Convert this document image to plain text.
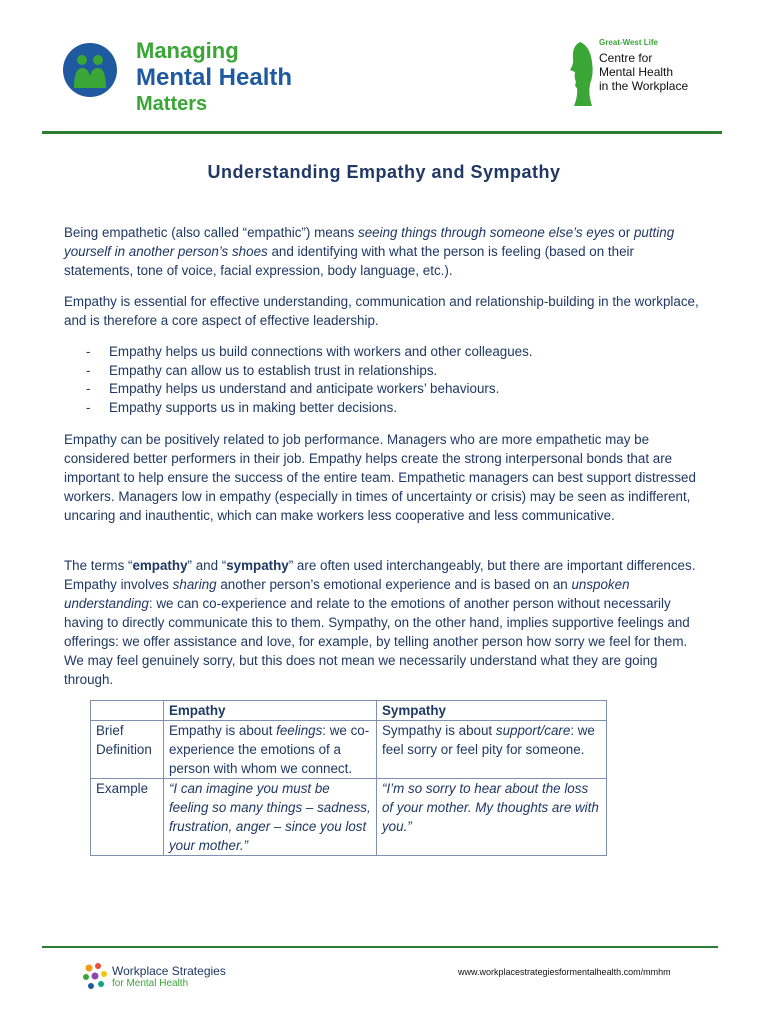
Managing
Mental Health
Matters
Great-West Life
Centre for
Mental Health
in the Workplace
Understanding Empathy and Sympathy
Being empathetic (also called “empathic”) means seeing things through someone else’s eyes or putting yourself in another person’s shoes and identifying with what the person is feeling (based on their statements, tone of voice, facial expression, body language, etc.).
Empathy is essential for effective understanding, communication and relationship-building in the workplace, and is therefore a core aspect of effective leadership.
- Empathy helps us build connections with workers and other colleagues.
- Empathy can allow us to establish trust in relationships.
- Empathy helps us understand and anticipate workers’ behaviours.
- Empathy supports us in making better decisions.
Empathy can be positively related to job performance. Managers who are more empathetic may be considered better performers in their job. Empathy helps create the strong interpersonal bonds that are important to help ensure the success of the entire team. Empathetic managers can best support distressed workers. Managers low in empathy (especially in times of uncertainty or crisis) may be seen as indifferent, uncaring and inauthentic, which can make workers less cooperative and less communicative.
The terms “empathy” and “sympathy” are often used interchangeably, but there are important differences. Empathy involves sharing another person’s emotional experience and is based on an unspoken understanding: we can co-experience and relate to the emotions of another person without necessarily having to directly communicate this to them. Sympathy, on the other hand, implies supportive feelings and offerings: we offer assistance and love, for example, by telling another person how sorry we feel for them. We may feel genuinely sorry, but this does not mean we necessarily understand what they are going through.
	Empathy	Sympathy
Brief Definition	Empathy is about feelings: we co-experience the emotions of a person with whom we connect.	Sympathy is about support/care: we feel sorry or feel pity for someone.
Example	“I can imagine you must be feeling so many things – sadness, frustration, anger – since you lost your mother.”	“I’m so sorry to hear about the loss of your mother. My thoughts are with you.”
Workplace Strategies
for Mental Health
www.workplacestrategiesformentalhealth.com/mmhm
